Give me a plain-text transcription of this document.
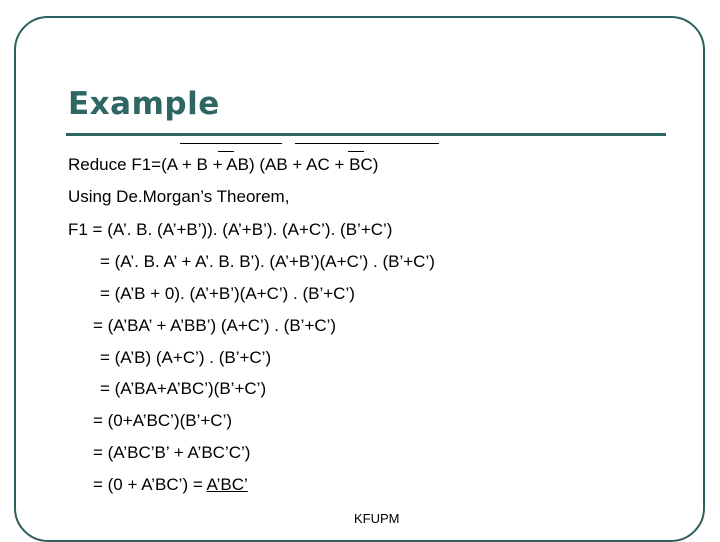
Example
Reduce F1=(A + B + AB) (AB + AC + BC)
Using De.Morgan’s Theorem,
F1 = (A’. B. (A’+B’)). (A’+B’). (A+C’). (B’+C’)
= (A’. B. A’ + A’. B. B’). (A’+B’)(A+C’) . (B’+C’)
= (A’B + 0). (A’+B’)(A+C’) . (B’+C’)
= (A’BA’ + A’BB’) (A+C’) . (B’+C’)
= (A’B) (A+C’) . (B’+C’)
= (A’BA+A’BC’)(B’+C’)
= (0+A’BC’)(B’+C’)
= (A’BC’B’ + A’BC’C’)
= (0 + A’BC’) = A’BC’
KFUPM
